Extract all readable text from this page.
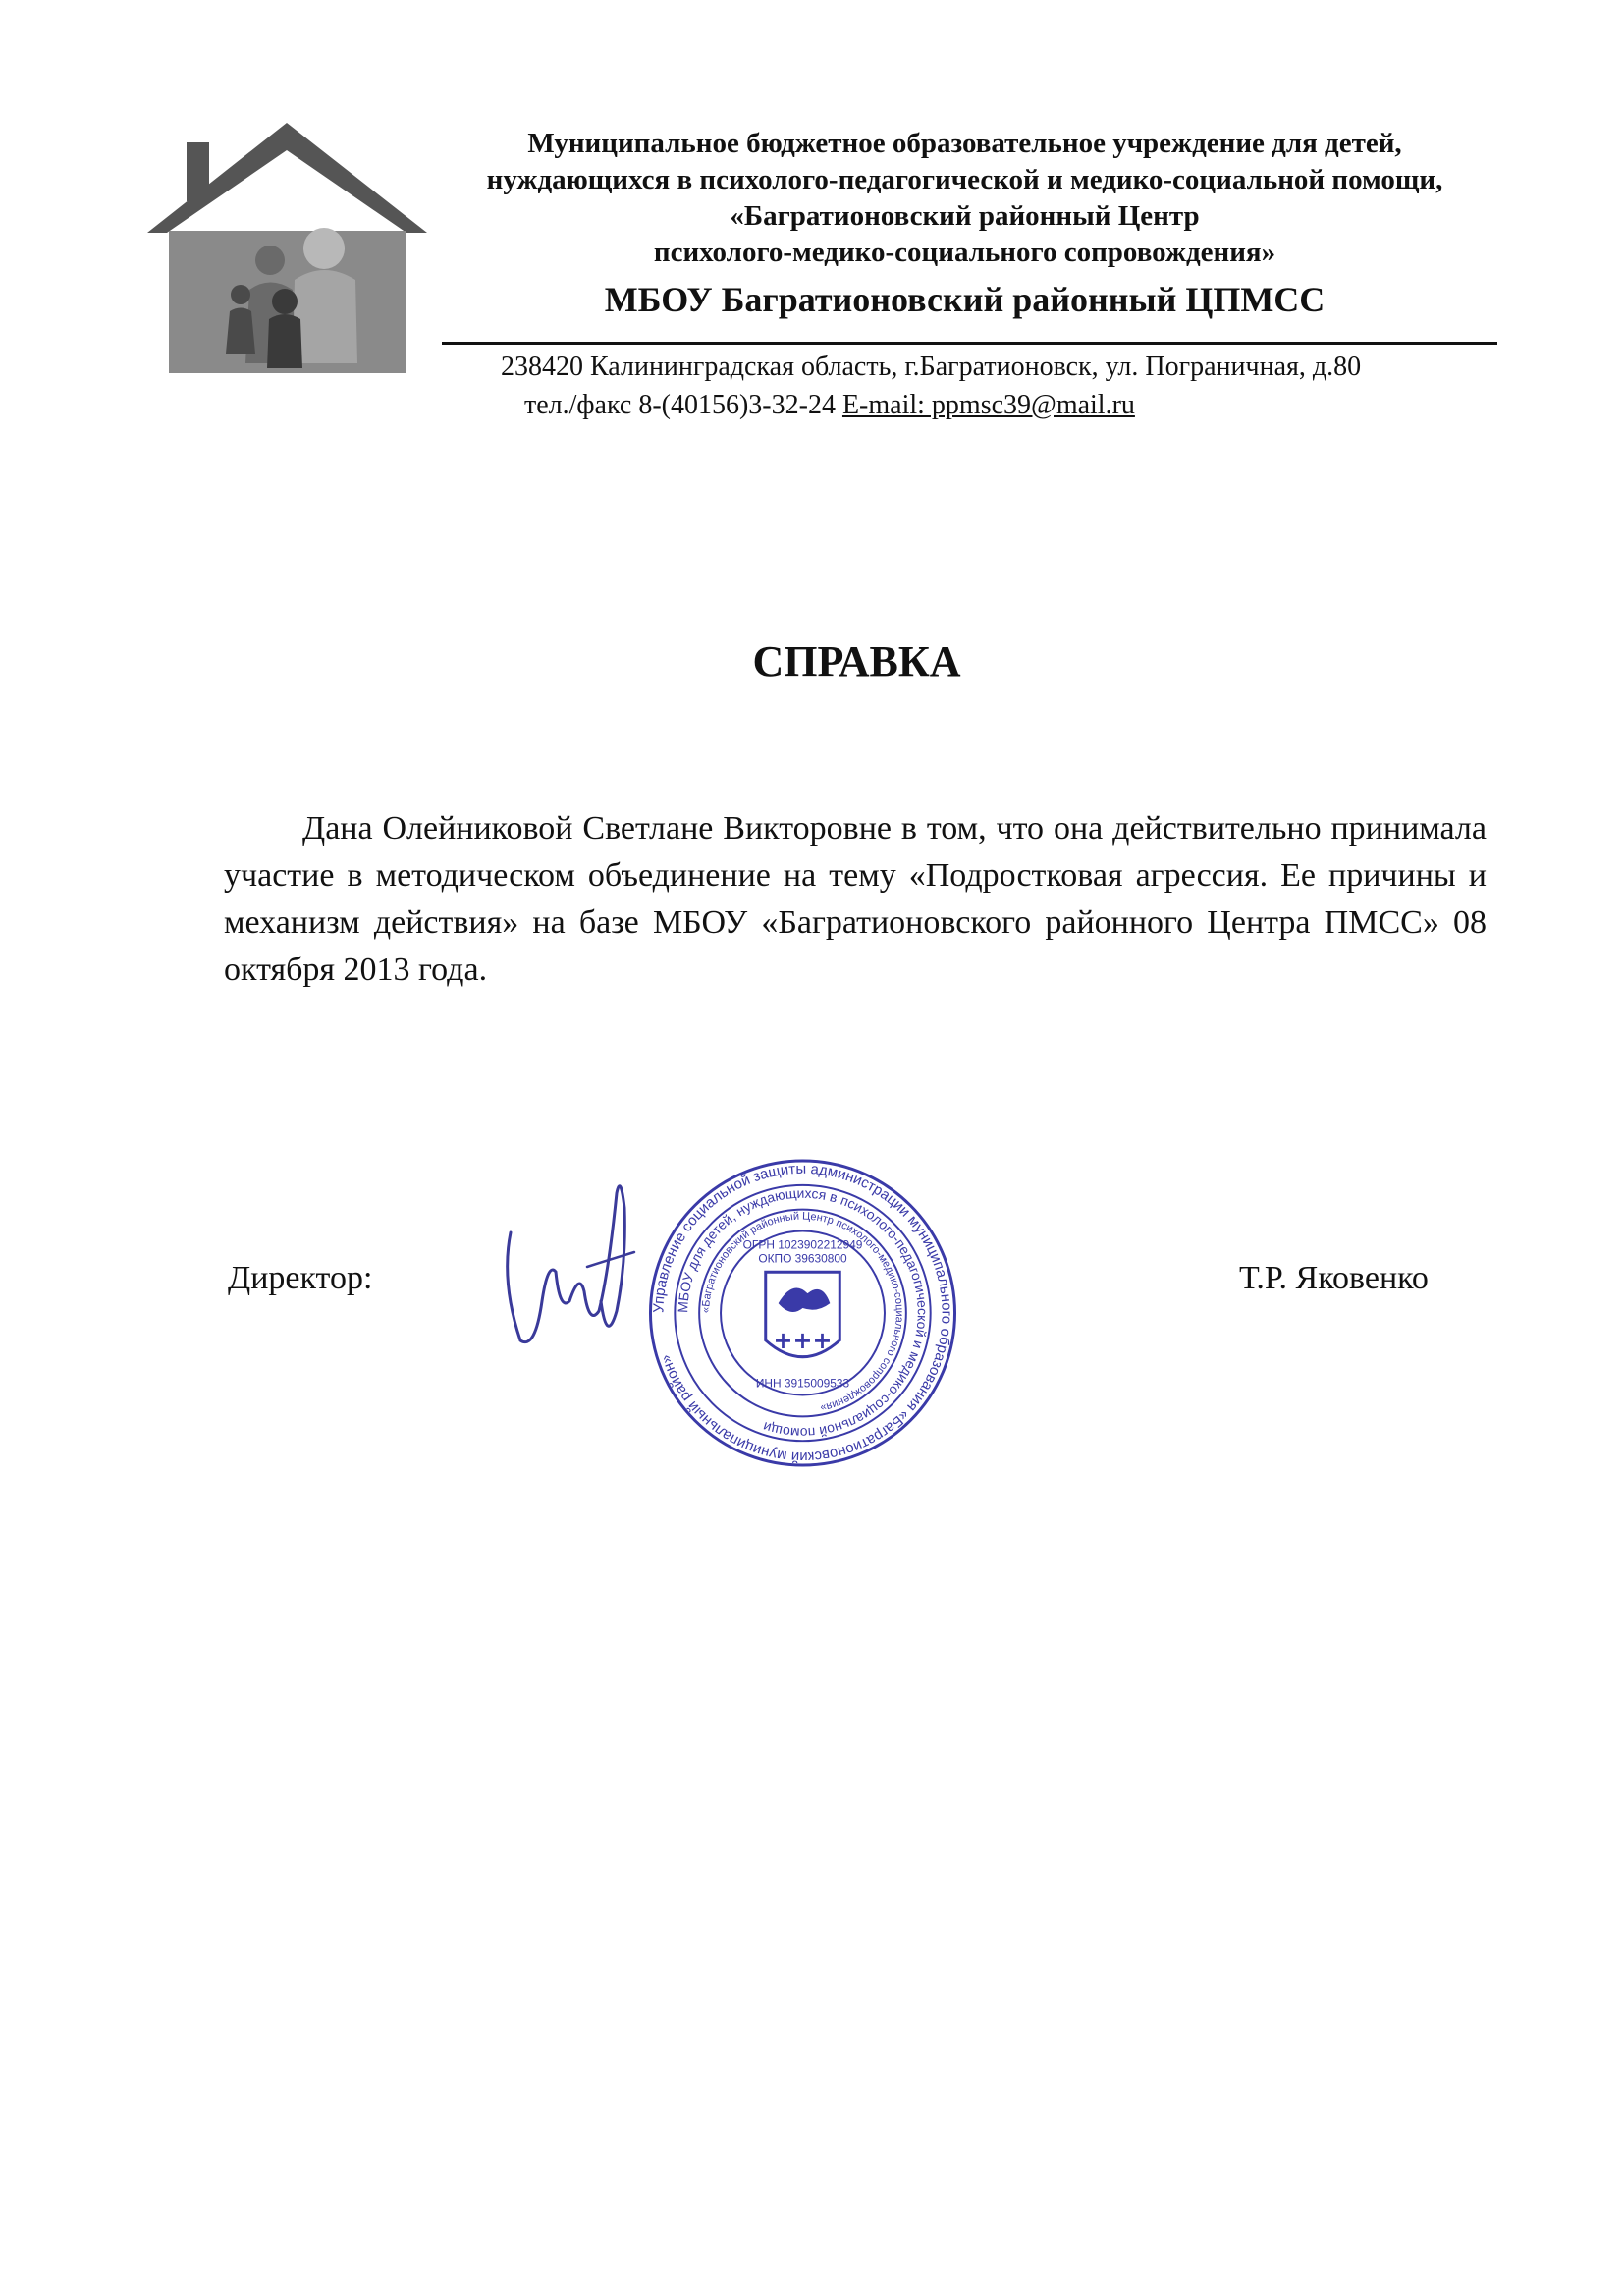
Муниципальное бюджетное образовательное учреждение для детей,
нуждающихся в психолого-педагогической и медико-социальной помощи,
«Багратионовский районный Центр
психолого-медико-социального сопровождения»
МБОУ Багратионовский районный ЦПМСС
238420 Калининградская область, г.Багратионовск, ул. Пограничная, д.80
тел./факс 8-(40156)3-32-24 E-mail: ppmsc39@mail.ru
СПРАВКА
Дана Олейниковой Светлане Викторовне в том, что она действительно принимала участие в методическом объединение на тему «Подростковая агрессия. Ее причины и механизм действия» на базе МБОУ «Багратионовского районного Центра ПМСС» 08 октября 2013 года.
Директор:	Т.Р. Яковенко
Управление социальной защиты администрации муниципального образования «Багратионовский муниципальный район»
МБОУ для детей, нуждающихся в психолого-педагогической и медико-социальной помощи
«Багратионовский районный Центр психолого-медико-социального сопровождения»
ОГРН 1023902212949
ОКПО 39630800
ИНН 3915009533
+++
